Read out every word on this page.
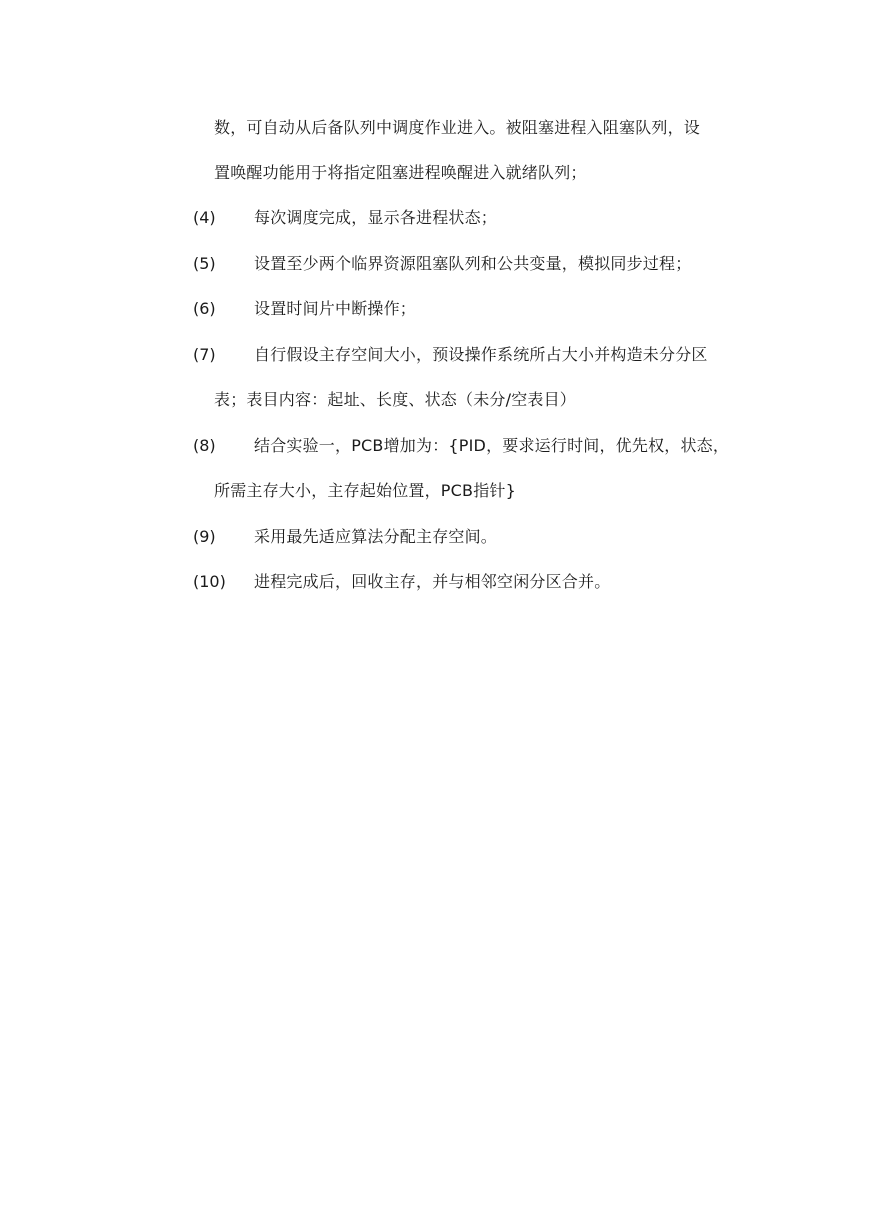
数，可自动从后备队列中调度作业进入。被阻塞进程入阻塞队列，设
置唤醒功能用于将指定阻塞进程唤醒进入就绪队列；
(4) 每次调度完成，显示各进程状态；
(5) 设置至少两个临界资源阻塞队列和公共变量，模拟同步过程；
(6) 设置时间片中断操作；
(7) 自行假设主存空间大小，预设操作系统所占大小并构造未分分区
表；表目内容：起址、长度、状态（未分/空表目）
(8) 结合实验一，PCB增加为：{PID，要求运行时间，优先权，状态，
所需主存大小，主存起始位置，PCB指针}
(9) 采用最先适应算法分配主存空间。
(10) 进程完成后，回收主存，并与相邻空闲分区合并。
